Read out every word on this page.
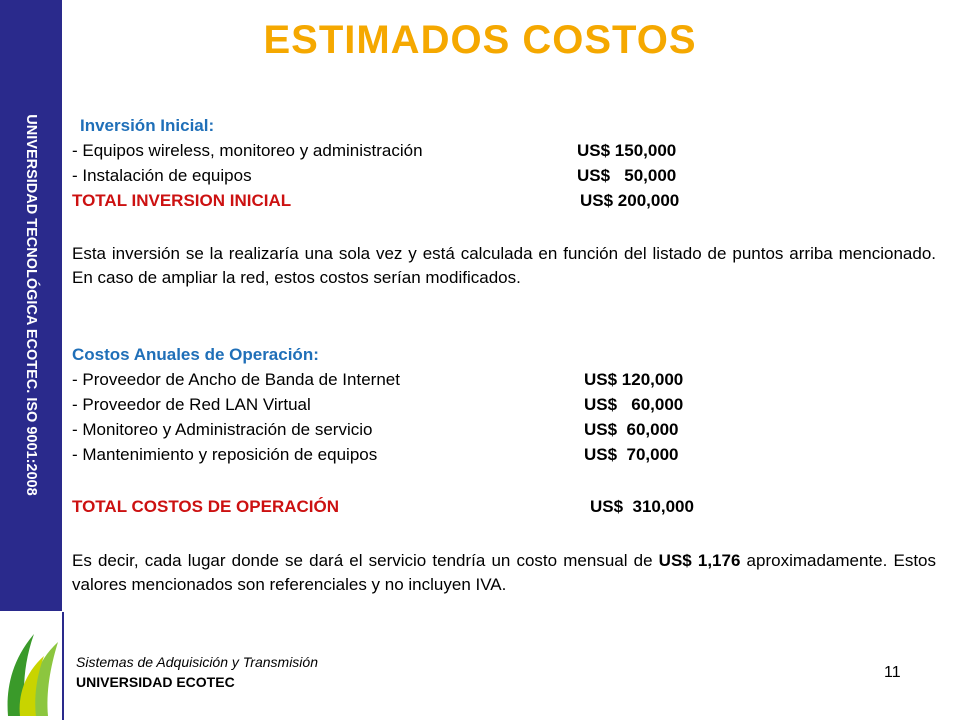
UNIVERSIDAD TECNOLÓGICA ECOTEC. ISO 9001:2008
ESTIMADOS COSTOS
Inversión Inicial:
- Equipos wireless, monitoreo y administración	US$ 150,000
- Instalación de equipos	US$   50,000
TOTAL INVERSION INICIAL	US$ 200,000
Esta inversión se la realizaría una sola vez y está calculada en función del listado de puntos arriba mencionado. En caso de ampliar la red, estos costos serían modificados.
Costos Anuales de Operación:
- Proveedor de Ancho de Banda de Internet	US$ 120,000
- Proveedor de Red LAN Virtual	US$   60,000
- Monitoreo y Administración de servicio	US$  60,000
- Mantenimiento y reposición de equipos	US$  70,000
TOTAL COSTOS DE OPERACIÓN	US$  310,000
Es decir, cada lugar donde se dará el servicio tendría un costo mensual de US$ 1,176 aproximadamente. Estos valores mencionados son referenciales y no incluyen IVA.
Sistemas de Adquisición y Transmisión
UNIVERSIDAD ECOTEC
11
